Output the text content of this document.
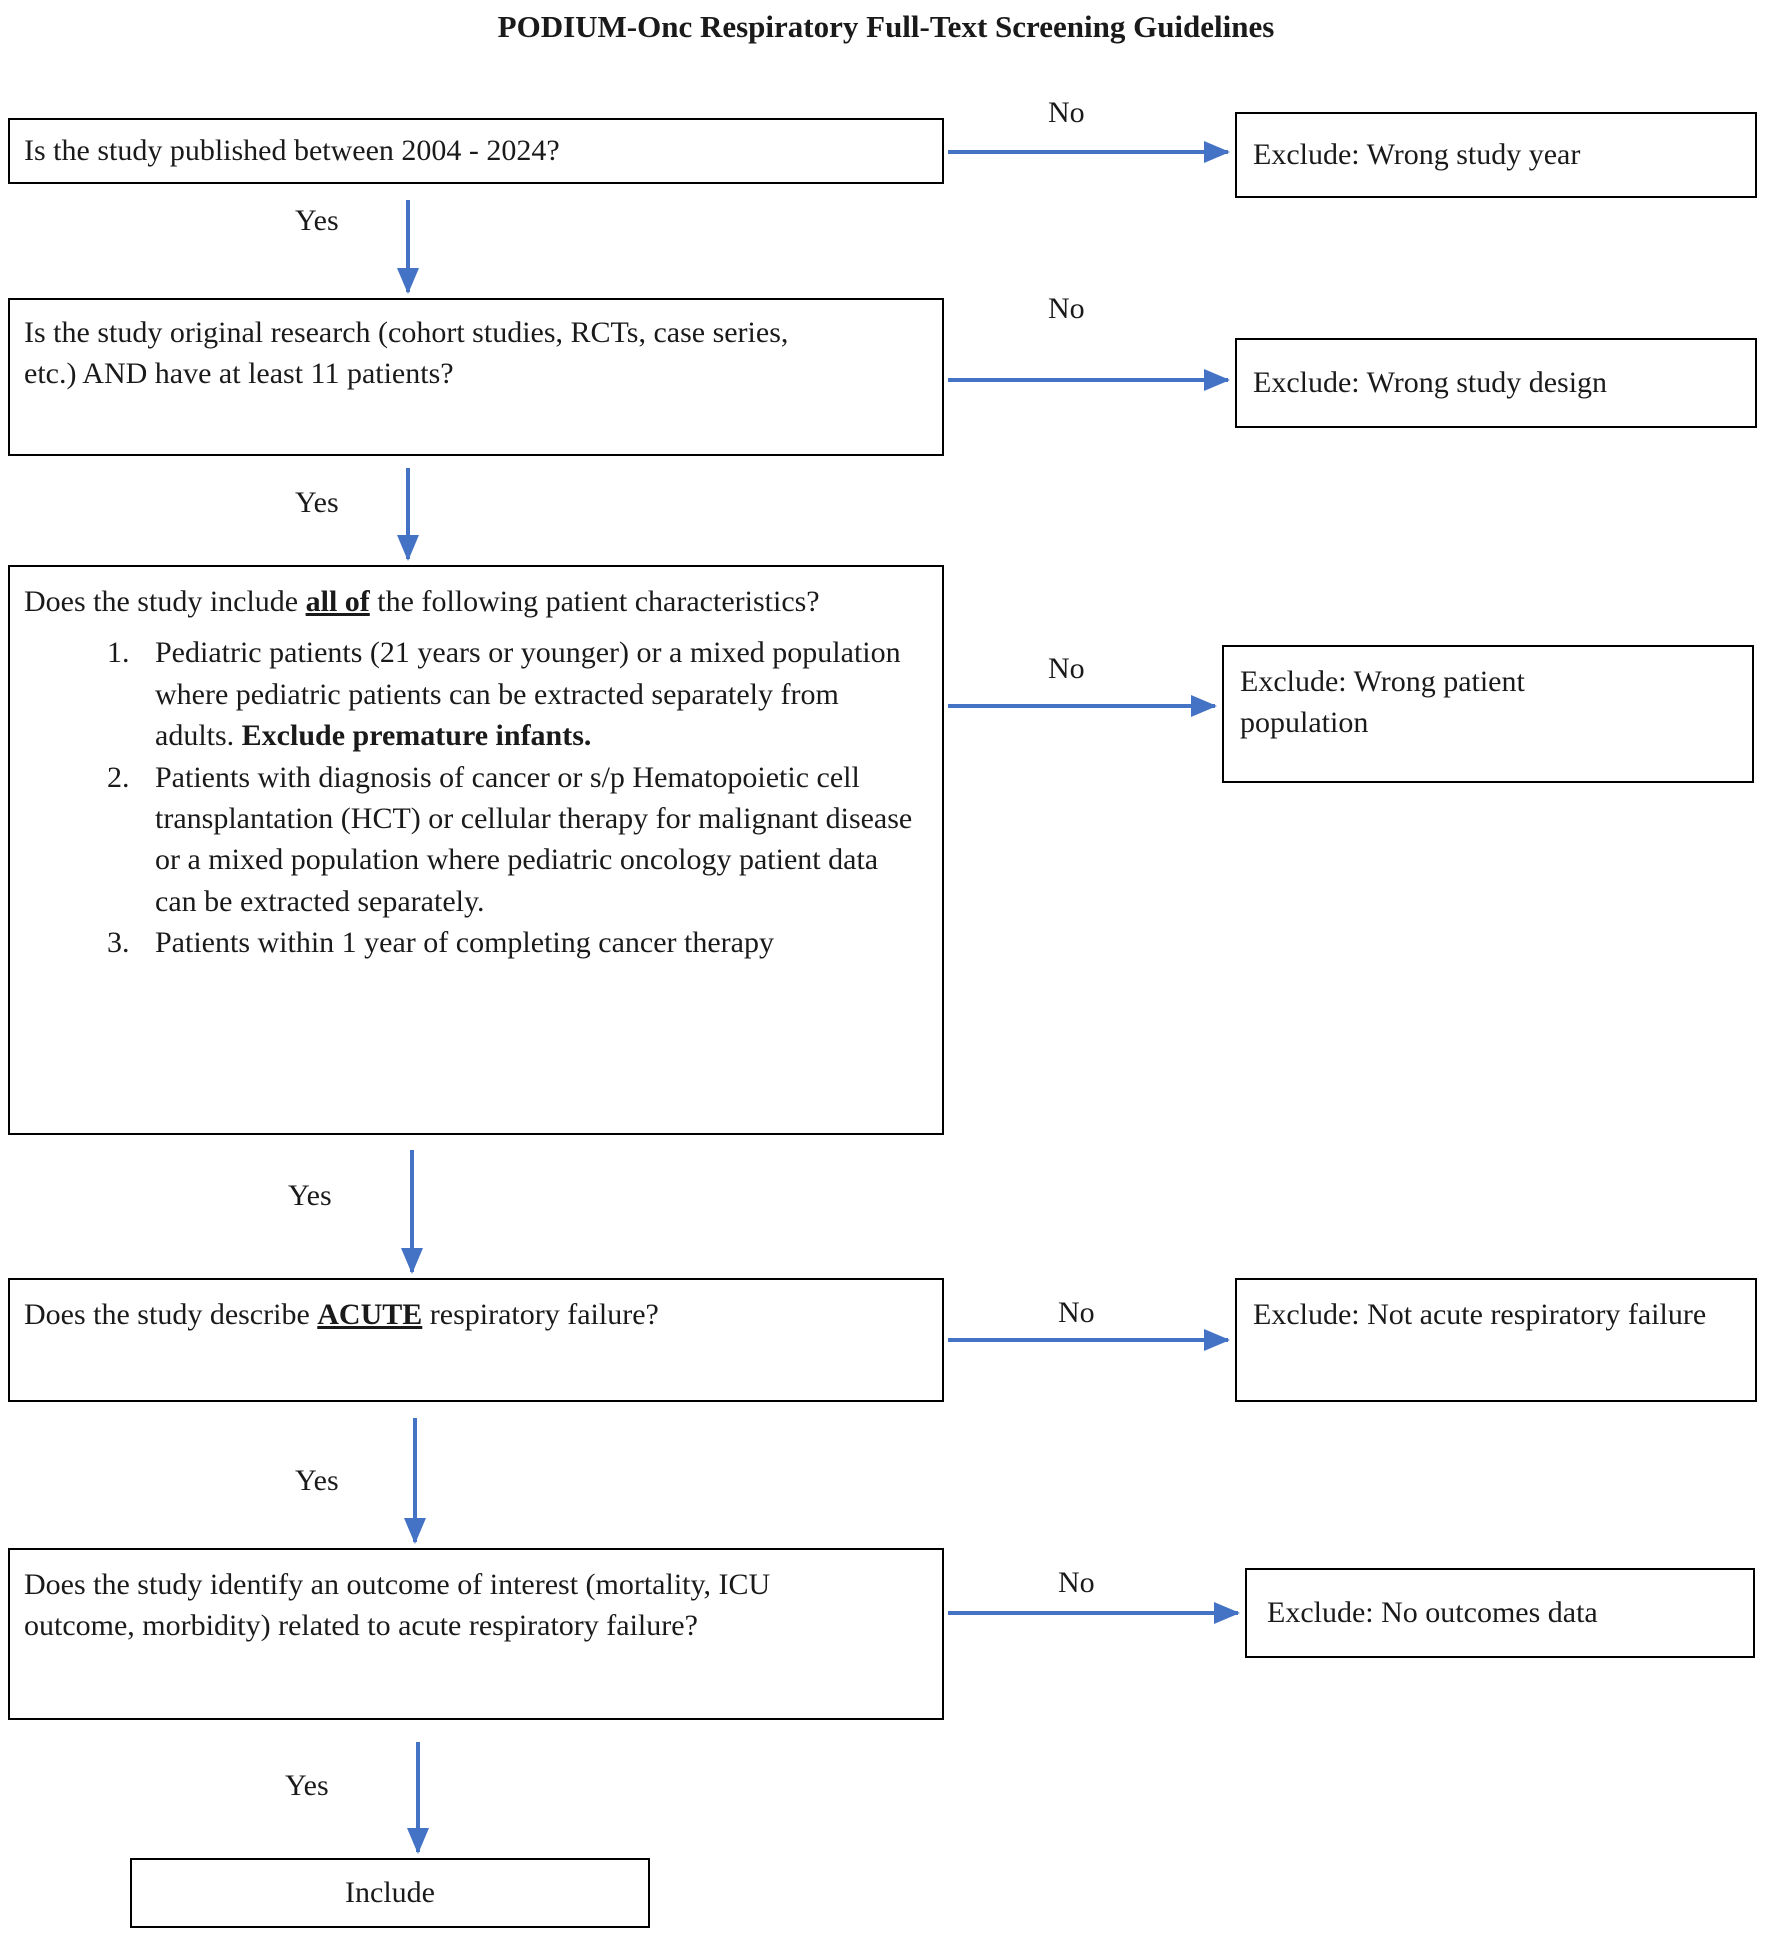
PODIUM-Onc Respiratory Full-Text Screening Guidelines
Is the study published between 2004 - 2024?
Is the study original research (cohort studies, RCTs, case series, etc.) AND have at least 11 patients?
Does the study include all of the following patient characteristics?
1. Pediatric patients (21 years or younger) or a mixed population where pediatric patients can be extracted separately from adults. Exclude premature infants.
2. Patients with diagnosis of cancer or s/p Hematopoietic cell transplantation (HCT) or cellular therapy for malignant disease or a mixed population where pediatric oncology patient data can be extracted separately.
3. Patients within 1 year of completing cancer therapy
Does the study describe ACUTE respiratory failure?
Does the study identify an outcome of interest (mortality, ICU outcome, morbidity) related to acute respiratory failure?
Exclude: Wrong study year
Exclude: Wrong study design
Exclude: Wrong patient population
Exclude: Not acute respiratory failure
Exclude: No outcomes data
Include
Yes
Yes
Yes
Yes
Yes
No
No
No
No
No
